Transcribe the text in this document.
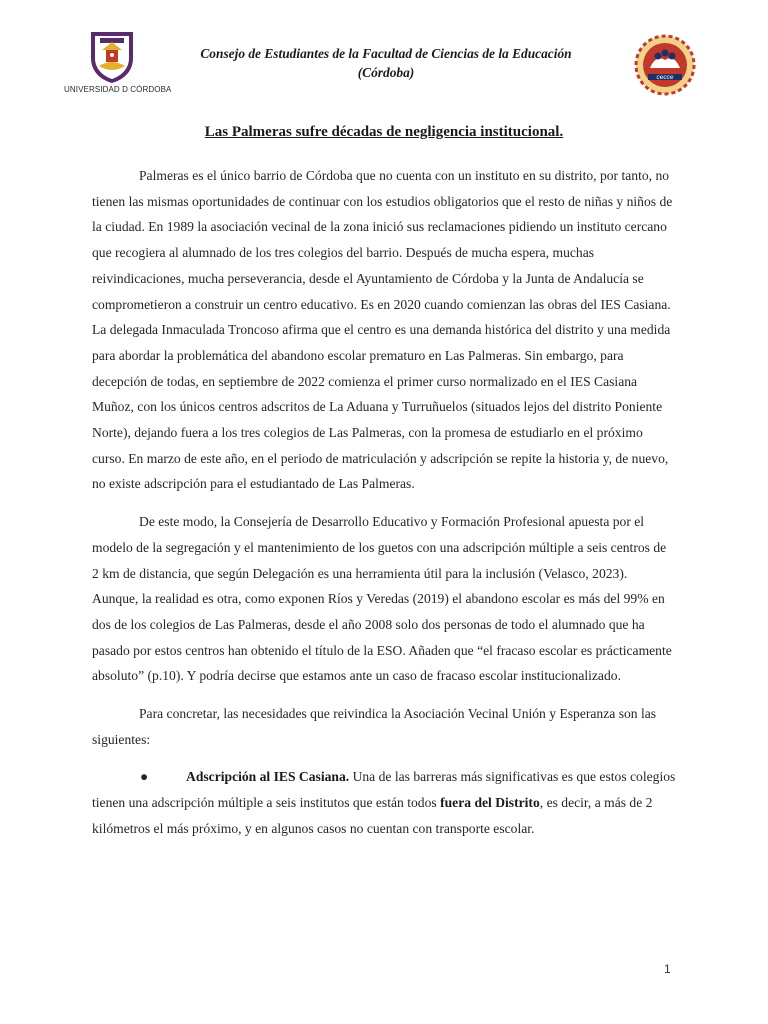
UNIVERSIDAD D CÓRDOBA
Consejo de Estudiantes de la Facultad de Ciencias de la Educación
(Córdoba)	cecce
Las Palmeras sufre décadas de negligencia institucional.

Palmeras es el único barrio de Córdoba que no cuenta con un instituto en su distrito, por tanto, no tienen las mismas oportunidades de continuar con los estudios obligatorios que el resto de niñas y niños de la ciudad. En 1989 la asociación vecinal de la zona inició sus reclamaciones pidiendo un instituto cercano que recogiera al alumnado de los tres colegios del barrio. Después de mucha espera, muchas reivindicaciones, mucha perseverancia, desde el Ayuntamiento de Córdoba y la Junta de Andalucía se comprometieron a construir un centro educativo. Es en 2020 cuando comienzan las obras del IES Casiana. La delegada Inmaculada Troncoso afirma que el centro es una demanda histórica del distrito y una medida para abordar la problemática del abandono escolar prematuro en Las Palmeras. Sin embargo, para decepción de todas, en septiembre de 2022 comienza el primer curso normalizado en el IES Casiana Muñoz, con los únicos centros adscritos de La Aduana y Turruñuelos (situados lejos del distrito Poniente Norte), dejando fuera a los tres colegios de Las Palmeras, con la promesa de estudiarlo en el próximo curso. En marzo de este año, en el periodo de matriculación y adscripción se repite la historia y, de nuevo, no existe adscripción para el estudiantado de Las Palmeras.

De este modo, la Consejería de Desarrollo Educativo y Formación Profesional apuesta por el modelo de la segregación y el mantenimiento de los guetos con una adscripción múltiple a seis centros de 2 km de distancia, que según Delegación es una herramienta útil para la inclusión (Velasco, 2023). Aunque, la realidad es otra, como exponen Ríos y Veredas (2019) el abandono escolar es más del 99% en dos de los colegios de Las Palmeras, desde el año 2008 solo dos personas de todo el alumnado que ha pasado por estos centros han obtenido el título de la ESO. Añaden que “el fracaso escolar es prácticamente absoluto” (p.10). Y podría decirse que estamos ante un caso de fracaso escolar institucionalizado.

Para concretar, las necesidades que reivindica la Asociación Vecinal Unión y Esperanza son las siguientes:

●	Adscripción al IES Casiana. Una de las barreras más significativas es que estos colegios tienen una adscripción múltiple a seis institutos que están todos fuera del Distrito, es decir, a más de 2 kilómetros el más próximo, y en algunos casos no cuentan con transporte escolar.
1
